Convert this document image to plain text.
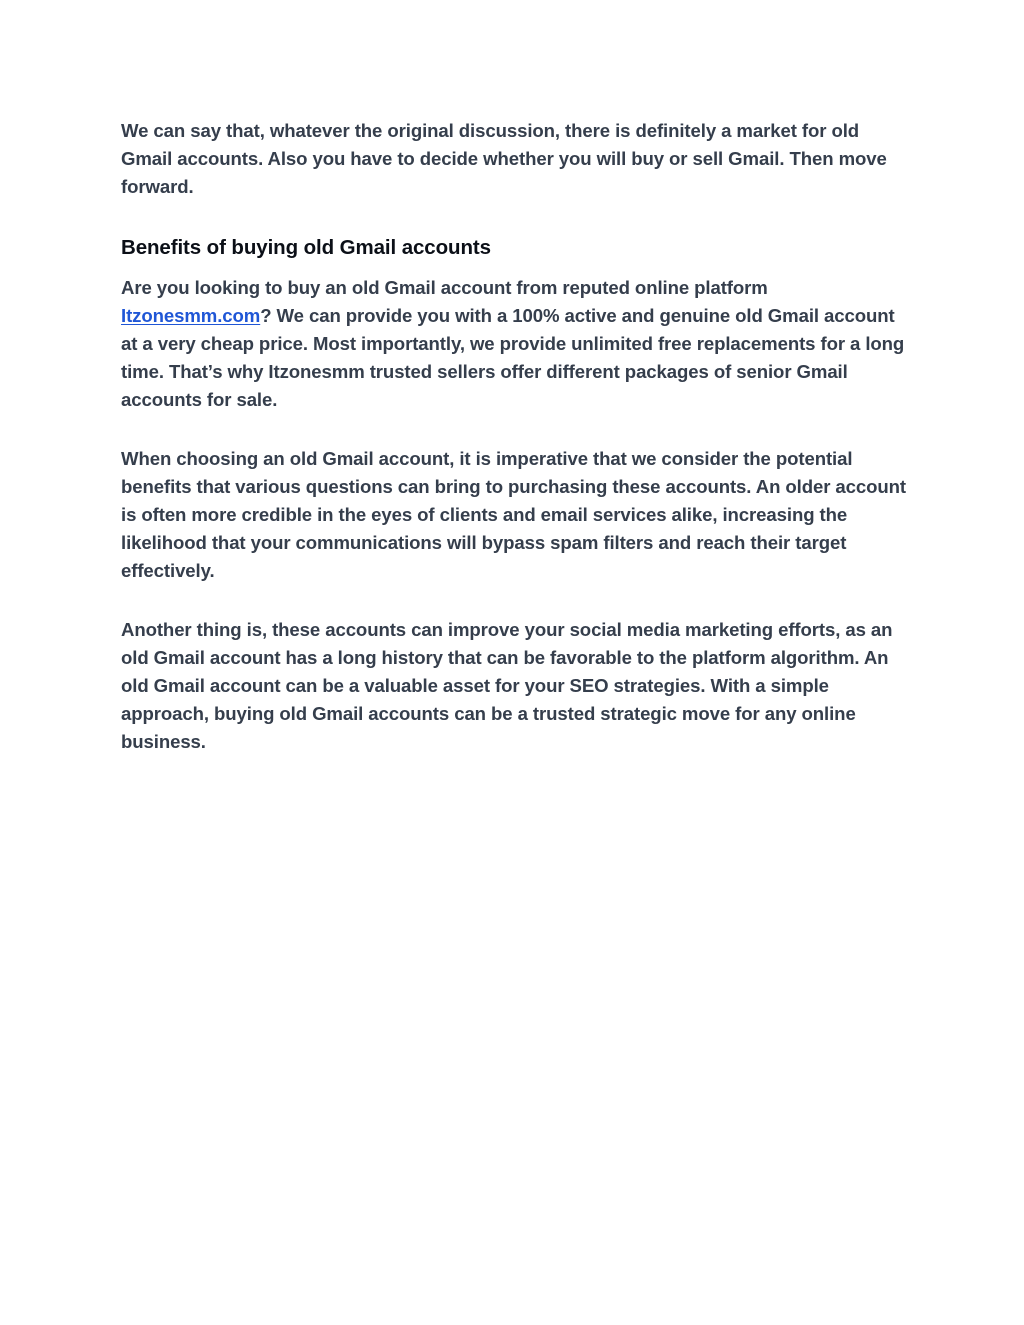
We can say that, whatever the original discussion, there is definitely a market for old Gmail accounts. Also you have to decide whether you will buy or sell Gmail. Then move forward.

Benefits of buying old Gmail accounts

Are you looking to buy an old Gmail account from reputed online platform Itzonesmm.com? We can provide you with a 100% active and genuine old Gmail account at a very cheap price. Most importantly, we provide unlimited free replacements for a long time. That’s why Itzonesmm trusted sellers offer different packages of senior Gmail accounts for sale.

When choosing an old Gmail account, it is imperative that we consider the potential benefits that various questions can bring to purchasing these accounts. An older account is often more credible in the eyes of clients and email services alike, increasing the likelihood that your communications will bypass spam filters and reach their target effectively.

Another thing is, these accounts can improve your social media marketing efforts, as an old Gmail account has a long history that can be favorable to the platform algorithm. An old Gmail account can be a valuable asset for your SEO strategies. With a simple approach, buying old Gmail accounts can be a trusted strategic move for any online business.
